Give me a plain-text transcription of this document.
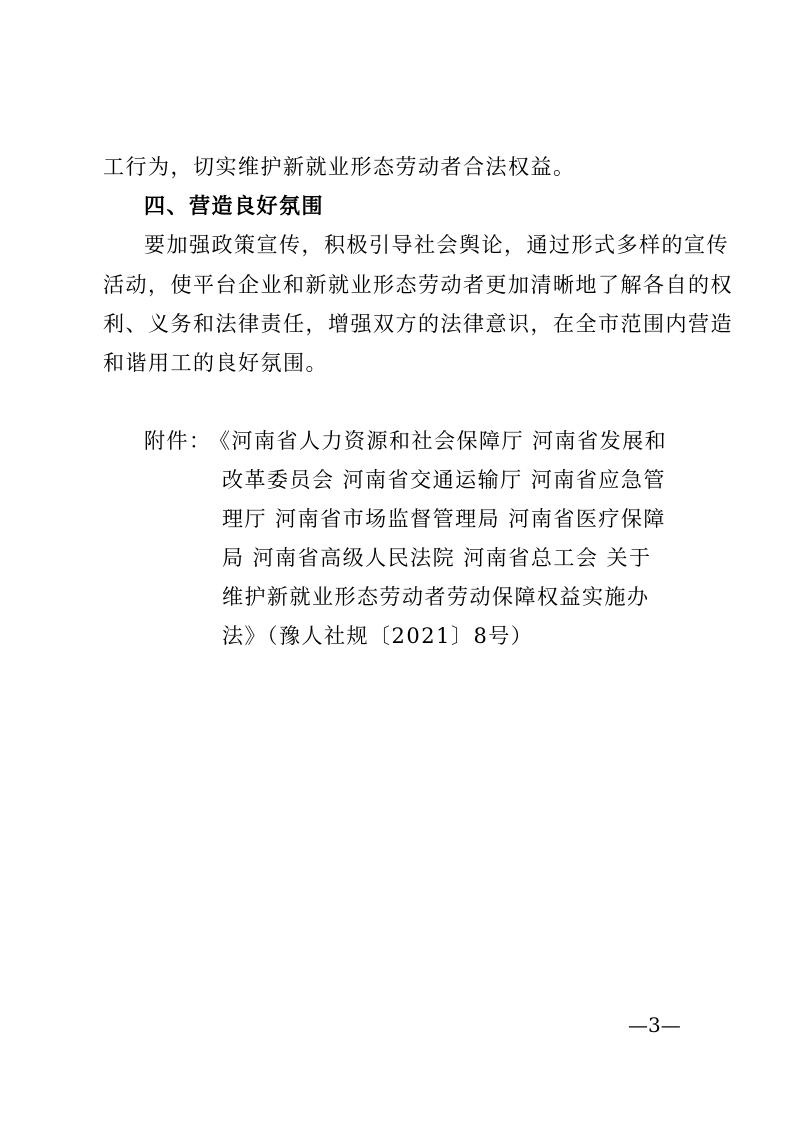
工行为，切实维护新就业形态劳动者合法权益。
四、营造良好氛围
要加强政策宣传，积极引导社会舆论，通过形式多样的宣传
活动，使平台企业和新就业形态劳动者更加清晰地了解各自的权
利、义务和法律责任，增强双方的法律意识，在全市范围内营造
和谐用工的良好氛围。
附件：
《河南省人力资源和社会保障厅 河南省发展和
改革委员会 河南省交通运输厅 河南省应急管
理厅 河南省市场监督管理局 河南省医疗保障
局 河南省高级人民法院 河南省总工会 关于
维护新就业形态劳动者劳动保障权益实施办
法》（豫人社规〔2021〕8号）
—3—
